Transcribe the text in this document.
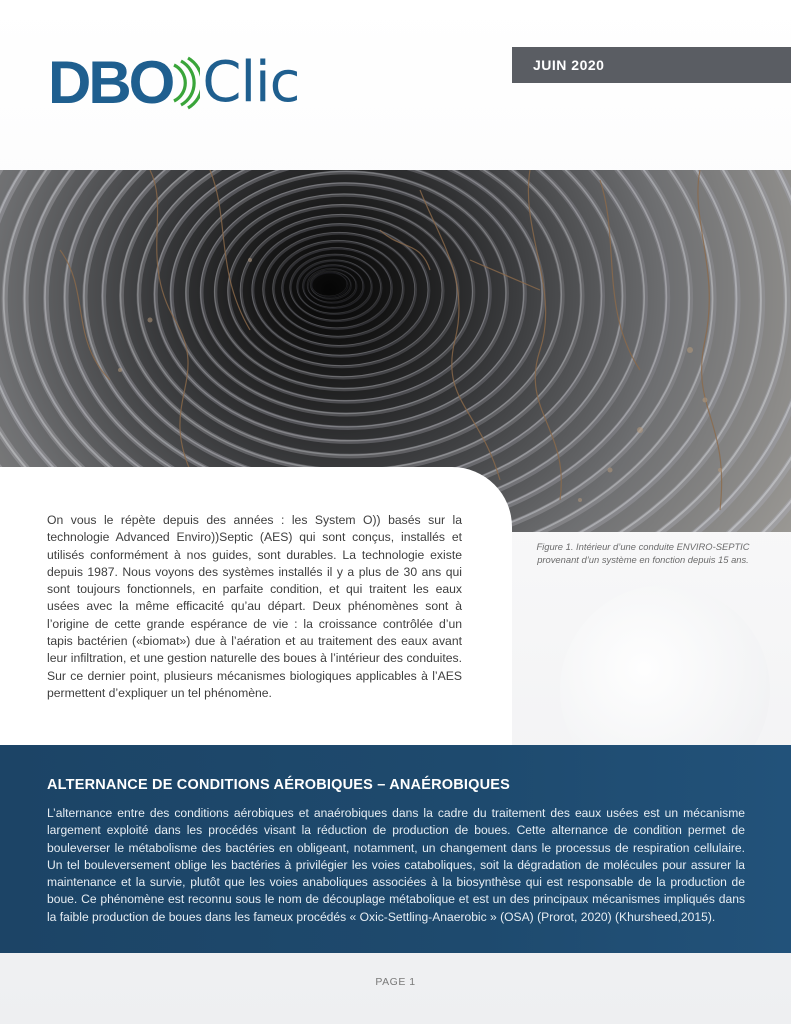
DBO Clic	JUIN 2020

On vous le répète depuis des années : les System O)) basés sur la technologie Advanced Enviro))Septic (AES) qui sont conçus, installés et utilisés conformément à nos guides, sont durables. La technologie existe depuis 1987. Nous voyons des systèmes installés il y a plus de 30 ans qui sont toujours fonctionnels, en parfaite condition, et qui traitent les eaux usées avec la même efficacité qu’au départ. Deux phénomènes sont à l’origine de cette grande espérance de vie : la croissance contrôlée d’un tapis bactérien («biomat») due à l’aération et au traitement des eaux avant leur infiltration, et une gestion naturelle des boues à l’intérieur des conduites. Sur ce dernier point, plusieurs mécanismes biologiques applicables à l’AES permettent d’expliquer un tel phénomène.

Figure 1. Intérieur d’une conduite ENVIRO-SEPTIC provenant d’un système en fonction depuis 15 ans.

ALTERNANCE DE CONDITIONS AÉROBIQUES – ANAÉROBIQUES

L’alternance entre des conditions aérobiques et anaérobiques dans la cadre du traitement des eaux usées est un mécanisme largement exploité dans les procédés visant la réduction de production de boues. Cette alternance de condition permet de bouleverser le métabolisme des bactéries en obligeant, notamment, un changement dans le processus de respiration cellulaire. Un tel bouleversement oblige les bactéries à privilégier les voies cataboliques, soit la dégradation de molécules pour assurer la maintenance et la survie, plutôt que les voies anaboliques associées à la biosynthèse qui est responsable de la production de boue. Ce phénomène est reconnu sous le nom de découplage métabolique et est un des principaux mécanismes impliqués dans la faible production de boues dans les fameux procédés « Oxic-Settling-Anaerobic » (OSA) (Prorot, 2020) (Khursheed,2015).

PAGE 1
